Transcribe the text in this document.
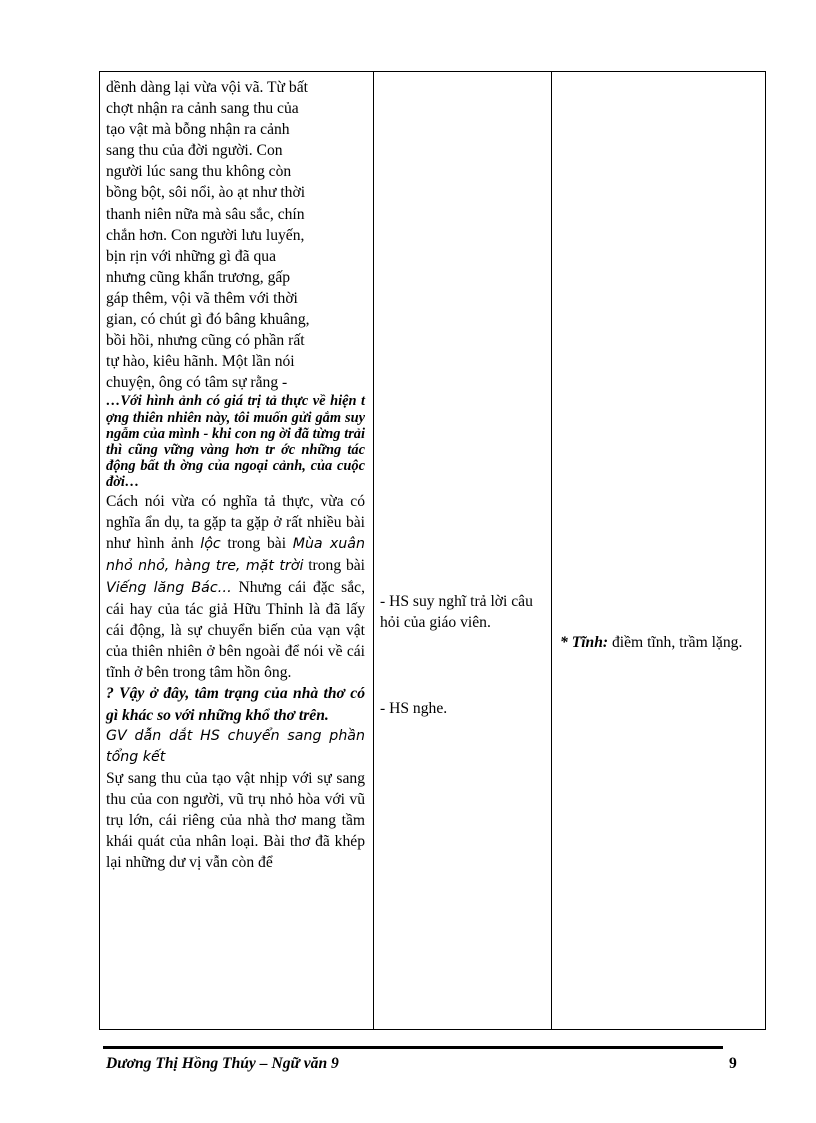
dềnh dàng lại vừa vội vã. Từ bất

chợt nhận ra cảnh sang thu của

tạo vật mà bỗng nhận ra cảnh

sang thu của đời người. Con

người lúc sang thu không còn

bồng bột, sôi nổi, ào ạt như thời

thanh niên nữa mà sâu sắc, chín

chắn hơn. Con người lưu luyến,

bịn rịn với những gì đã qua

nhưng cũng khẩn trương, gấp

gáp thêm, vội vã thêm với thời

gian, có chút gì đó bâng khuâng,

bồi hồi, nhưng cũng có phần rất

tự hào, kiêu hãnh. Một lần nói

chuyện, ông có tâm sự rằng -

…Với hình ảnh có giá trị tả thực về hiện t ợng thiên nhiên này, tôi muốn gửi gắm suy ngẫm của mình - khi con ng ời đã từng trải thì cũng vững vàng hơn tr ớc những tác động bất th ờng của ngoại cảnh, của cuộc đời…

Cách nói vừa có nghĩa tả thực, vừa có nghĩa ẩn dụ, ta gặp ta gặp ở rất nhiều bài như hình ảnh lộc trong bài Mùa xuân nhỏ nhỏ, hàng tre, mặt trời trong bài Viếng lăng Bác… Nhưng cái đặc sắc, cái hay của tác giả Hữu Thỉnh là đã lấy cái động, là sự chuyển biến của vạn vật của thiên nhiên ở bên ngoài để nói về cái tĩnh ở bên trong tâm hồn ông.

? Vậy ở đây, tâm trạng của nhà thơ có gì khác so với những khổ thơ trên.

GV dẫn dắt HS chuyển sang phần tổng kết

Sự sang thu của tạo vật nhịp với sự sang thu của con người, vũ trụ nhỏ hòa với vũ trụ lớn, cái riêng của nhà thơ mang tầm khái quát của nhân loại. Bài thơ đã khép lại những dư vị vẫn còn để

- HS suy nghĩ trả lời câu hỏi của giáo viên.

- HS nghe.

* Tĩnh: điềm tĩnh, trầm lặng.

Dương Thị Hồng Thúy – Ngữ văn 9	9
